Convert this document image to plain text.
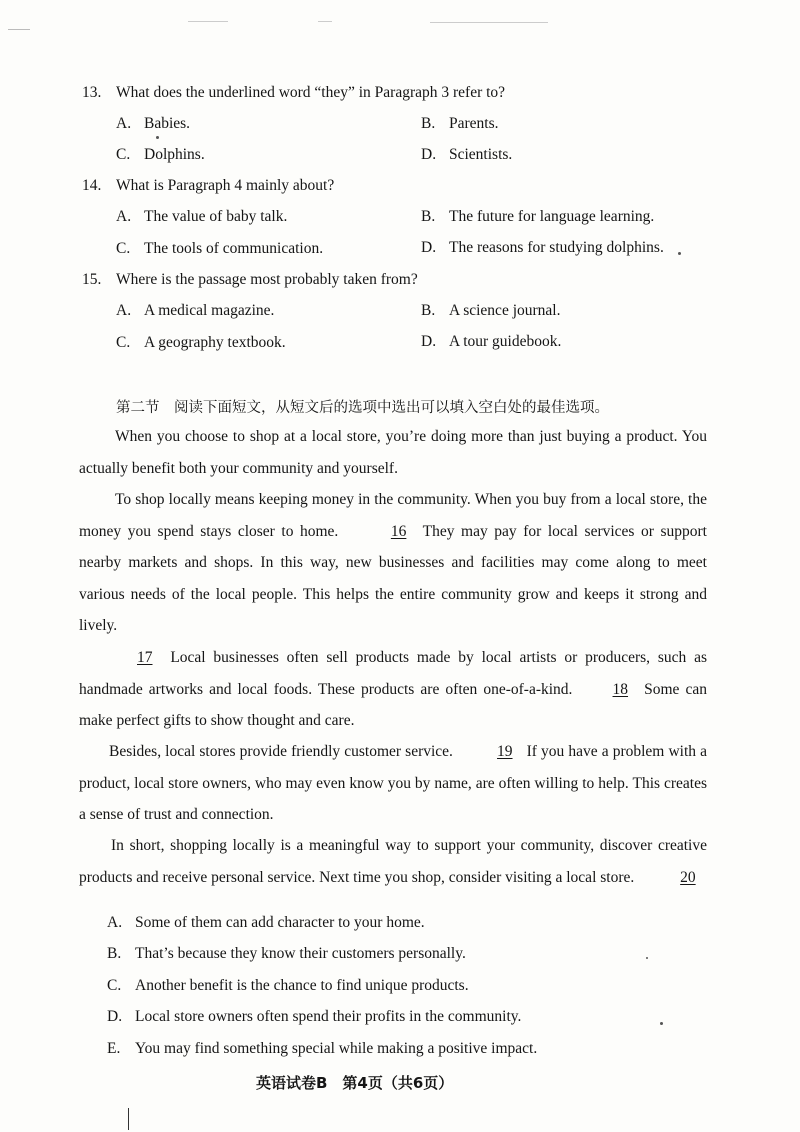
13. What does the underlined word “they” in Paragraph 3 refer to?
A. Babies.	B. Parents.
C. Dolphins.	D. Scientists.
14. What is Paragraph 4 mainly about?
A. The value of baby talk.	B. The future for language learning.
C. The tools of communication.	D. The reasons for studying dolphins.
15. Where is the passage most probably taken from?
A. A medical magazine.	B. A science journal.
C. A geography textbook.	D. A tour guidebook.
第二节　阅读下面短文，从短文后的选项中选出可以填入空白处的最佳选项。
When you choose to shop at a local store, you’re doing more than just buying a product. You actually benefit both your community and yourself.
To shop locally means keeping money in the community. When you buy from a local store, the money you spend stays closer to home.	16 They may pay for local services or support nearby markets and shops. In this way, new businesses and facilities may come along to meet various needs of the local people. This helps the entire community grow and keeps it strong and lively.
17 Local businesses often sell products made by local artists or producers, such as handmade artworks and local foods. These products are often one-of-a-kind.	18 Some can make perfect gifts to show thought and care.
Besides, local stores provide friendly customer service.	19 If you have a problem with a product, local store owners, who may even know you by name, are often willing to help. This creates a sense of trust and connection.
In short, shopping locally is a meaningful way to support your community, discover creative products and receive personal service. Next time you shop, consider visiting a local store.	20
A. Some of them can add character to your home.
B. That’s because they know their customers personally.
C. Another benefit is the chance to find unique products.
D. Local store owners often spend their profits in the community.
E. You may find something special while making a positive impact.
英语试卷B　第4页（共6页）
